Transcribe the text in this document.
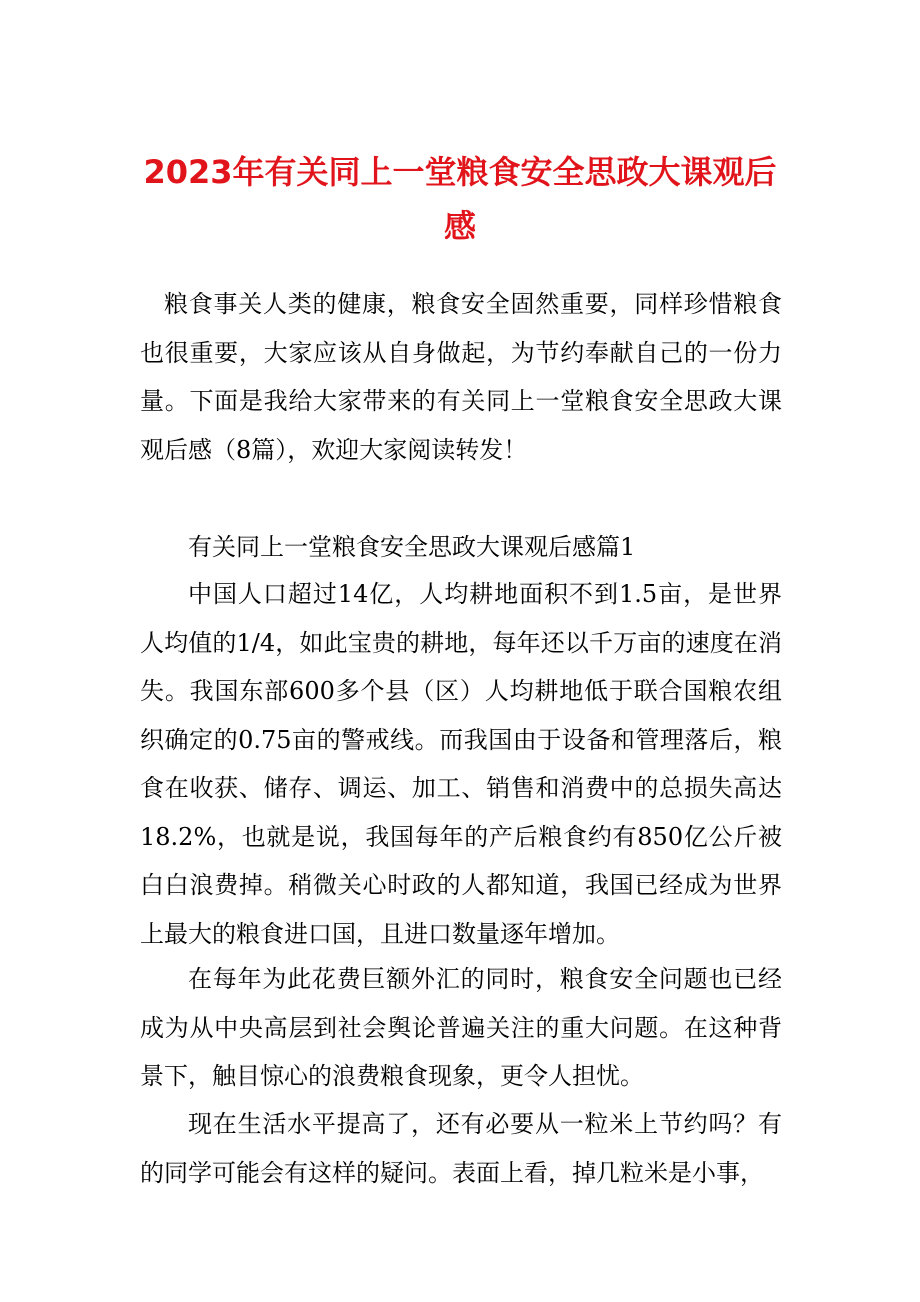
2023年有关同上一堂粮食安全思政大课观后感

粮食事关人类的健康，粮食安全固然重要，同样珍惜粮食也很重要，大家应该从自身做起，为节约奉献自己的一份力量。下面是我给大家带来的有关同上一堂粮食安全思政大课观后感（8篇），欢迎大家阅读转发！

有关同上一堂粮食安全思政大课观后感篇1

中国人口超过14亿，人均耕地面积不到1.5亩，是世界人均值的1/4，如此宝贵的耕地，每年还以千万亩的速度在消失。我国东部600多个县（区）人均耕地低于联合国粮农组织确定的0.75亩的警戒线。而我国由于设备和管理落后，粮食在收获、储存、调运、加工、销售和消费中的总损失高达18.2%，也就是说，我国每年的产后粮食约有850亿公斤被白白浪费掉。稍微关心时政的人都知道，我国已经成为世界上最大的粮食进口国，且进口数量逐年增加。

在每年为此花费巨额外汇的同时，粮食安全问题也已经成为从中央高层到社会舆论普遍关注的重大问题。在这种背景下，触目惊心的浪费粮食现象，更令人担忧。

现在生活水平提高了，还有必要从一粒米上节约吗？有的同学可能会有这样的疑问。表面上看，掉几粒米是小事，
